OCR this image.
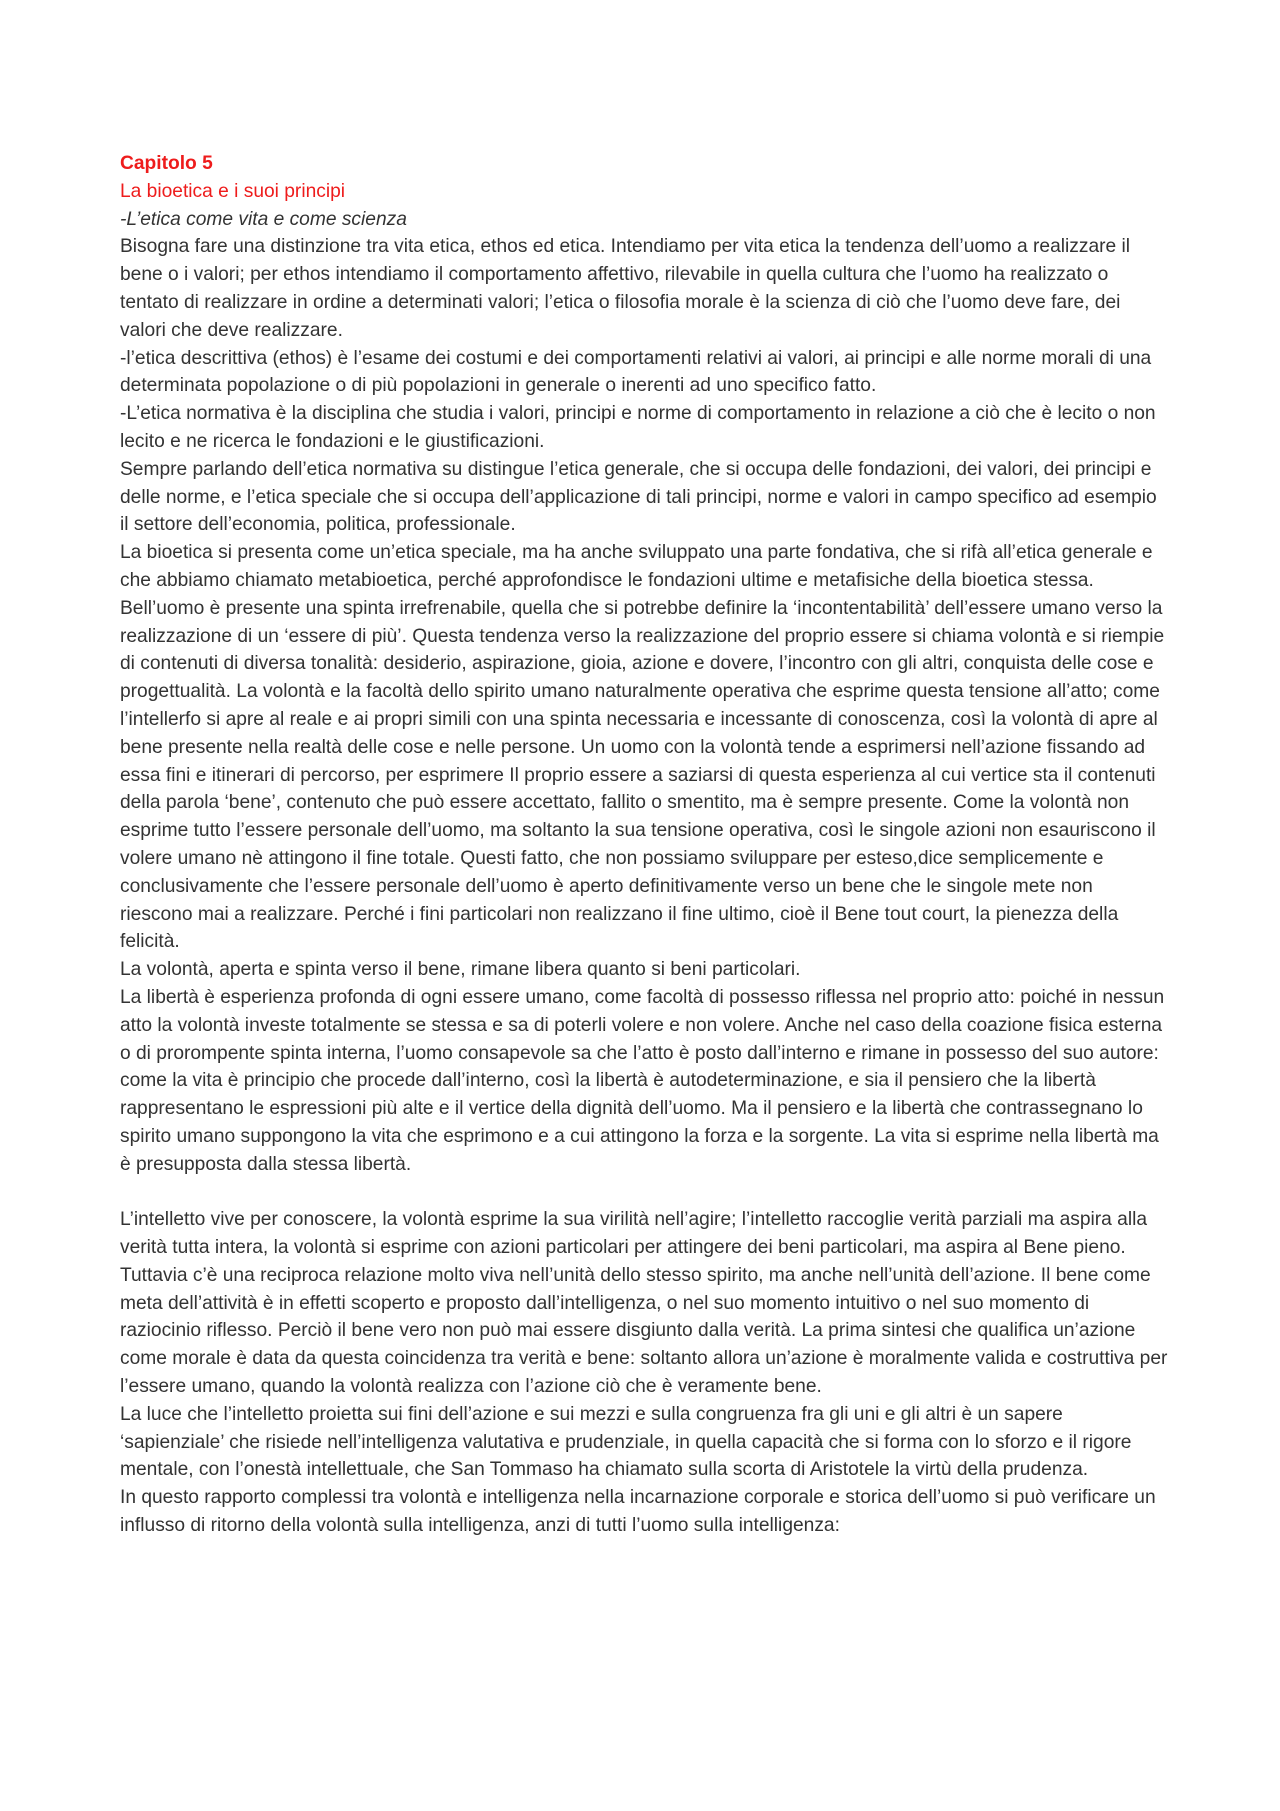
Capitolo 5

La bioetica e i suoi principi

-L’etica come vita e come scienza

Bisogna fare una distinzione tra vita etica, ethos ed etica. Intendiamo per vita etica la tendenza dell’uomo a realizzare il bene o i valori; per ethos intendiamo il comportamento affettivo, rilevabile in quella cultura che l’uomo ha realizzato o tentato di realizzare in ordine a determinati valori; l’etica o filosofia morale è la scienza di ciò che l’uomo deve fare, dei valori che deve realizzare.

-l’etica descrittiva (ethos) è l’esame dei costumi e dei comportamenti relativi ai valori, ai principi e alle norme morali di una determinata popolazione o di più popolazioni in generale o inerenti ad uno specifico fatto.

-L’etica normativa è la disciplina che studia i valori, principi e norme di comportamento in relazione a ciò che è lecito o non lecito e ne ricerca le fondazioni e le giustificazioni.

Sempre parlando dell’etica normativa su distingue l’etica generale, che si occupa delle fondazioni, dei valori, dei principi e delle norme, e l’etica speciale che si occupa dell’applicazione di tali principi, norme e valori in campo specifico ad esempio il settore dell’economia, politica, professionale.

La bioetica si presenta come un’etica speciale, ma ha anche sviluppato una parte fondativa, che si rifà all’etica generale e che abbiamo chiamato metabioetica, perché approfondisce le fondazioni ultime e metafisiche della bioetica stessa.

Bell’uomo è presente una spinta irrefrenabile, quella che si potrebbe definire la ‘incontentabilità’ dell’essere umano verso la realizzazione di un ‘essere di più’. Questa tendenza verso la realizzazione del proprio essere si chiama volontà e si riempie di contenuti di diversa tonalità: desiderio, aspirazione, gioia, azione e dovere, l’incontro con gli altri, conquista delle cose e progettualità. La volontà e la facoltà dello spirito umano naturalmente operativa che esprime questa tensione all’atto; come l’intellerfo si apre al reale e ai propri simili con una spinta necessaria e incessante di conoscenza, così la volontà di apre al bene presente nella realtà delle cose e nelle persone. Un uomo con la volontà tende a esprimersi nell’azione fissando ad essa fini e itinerari di percorso, per esprimere Il proprio essere a saziarsi di questa esperienza al cui vertice sta il contenuti della parola ‘bene’, contenuto che può essere accettato, fallito o smentito, ma è sempre presente. Come la volontà non esprime tutto l’essere personale dell’uomo, ma soltanto la sua tensione operativa, così le singole azioni non esauriscono il volere umano nè attingono il fine totale. Questi fatto, che non possiamo sviluppare per esteso,dice semplicemente e conclusivamente che l’essere personale dell’uomo è aperto definitivamente verso un bene che le singole mete non riescono mai a realizzare. Perché i fini particolari non realizzano il fine ultimo, cioè il Bene tout court, la pienezza della felicità.

La volontà, aperta e spinta verso il bene, rimane libera quanto si beni particolari.

La libertà è esperienza profonda di ogni essere umano, come facoltà di possesso riflessa nel proprio atto: poiché in nessun atto la volontà investe totalmente se stessa e sa di poterli volere e non volere. Anche nel caso della coazione fisica esterna o di prorompente spinta interna, l’uomo consapevole sa che l’atto è posto dall’interno e rimane in possesso del suo autore: come la vita è principio che procede dall’interno, così la libertà è autodeterminazione, e sia il pensiero che la libertà rappresentano le espressioni più alte e il vertice della dignità dell’uomo. Ma il pensiero e la libertà che contrassegnano lo spirito umano suppongono la vita che esprimono e a cui attingono la forza e la sorgente. La vita si esprime nella libertà ma è presupposta dalla stessa libertà.

L’intelletto vive per conoscere, la volontà esprime la sua virilità nell’agire; l’intelletto raccoglie verità parziali ma aspira alla verità tutta intera, la volontà si esprime con azioni particolari per attingere dei beni particolari, ma aspira al Bene pieno. Tuttavia c’è una reciproca relazione molto viva nell’unità dello stesso spirito, ma anche nell’unità dell’azione. Il bene come meta dell’attività è in effetti scoperto e proposto dall’intelligenza, o nel suo momento intuitivo o nel suo momento di raziocinio riflesso. Perciò il bene vero non può mai essere disgiunto dalla verità. La prima sintesi che qualifica un’azione come morale è data da questa coincidenza tra verità e bene: soltanto allora un’azione è moralmente valida e costruttiva per l’essere umano, quando la volontà realizza con l’azione ciò che è veramente bene.

La luce che l’intelletto proietta sui fini dell’azione e sui mezzi e sulla congruenza fra gli uni e gli altri è un sapere ‘sapienziale’ che risiede nell’intelligenza valutativa e prudenziale, in quella capacità che si forma con lo sforzo e il rigore mentale, con l’onestà intellettuale, che San Tommaso ha chiamato sulla scorta di Aristotele la virtù della prudenza.

In questo rapporto complessi tra volontà e intelligenza nella incarnazione corporale e storica dell’uomo si può verificare un influsso di ritorno della volontà sulla intelligenza, anzi di tutti l’uomo sulla intelligenza:
